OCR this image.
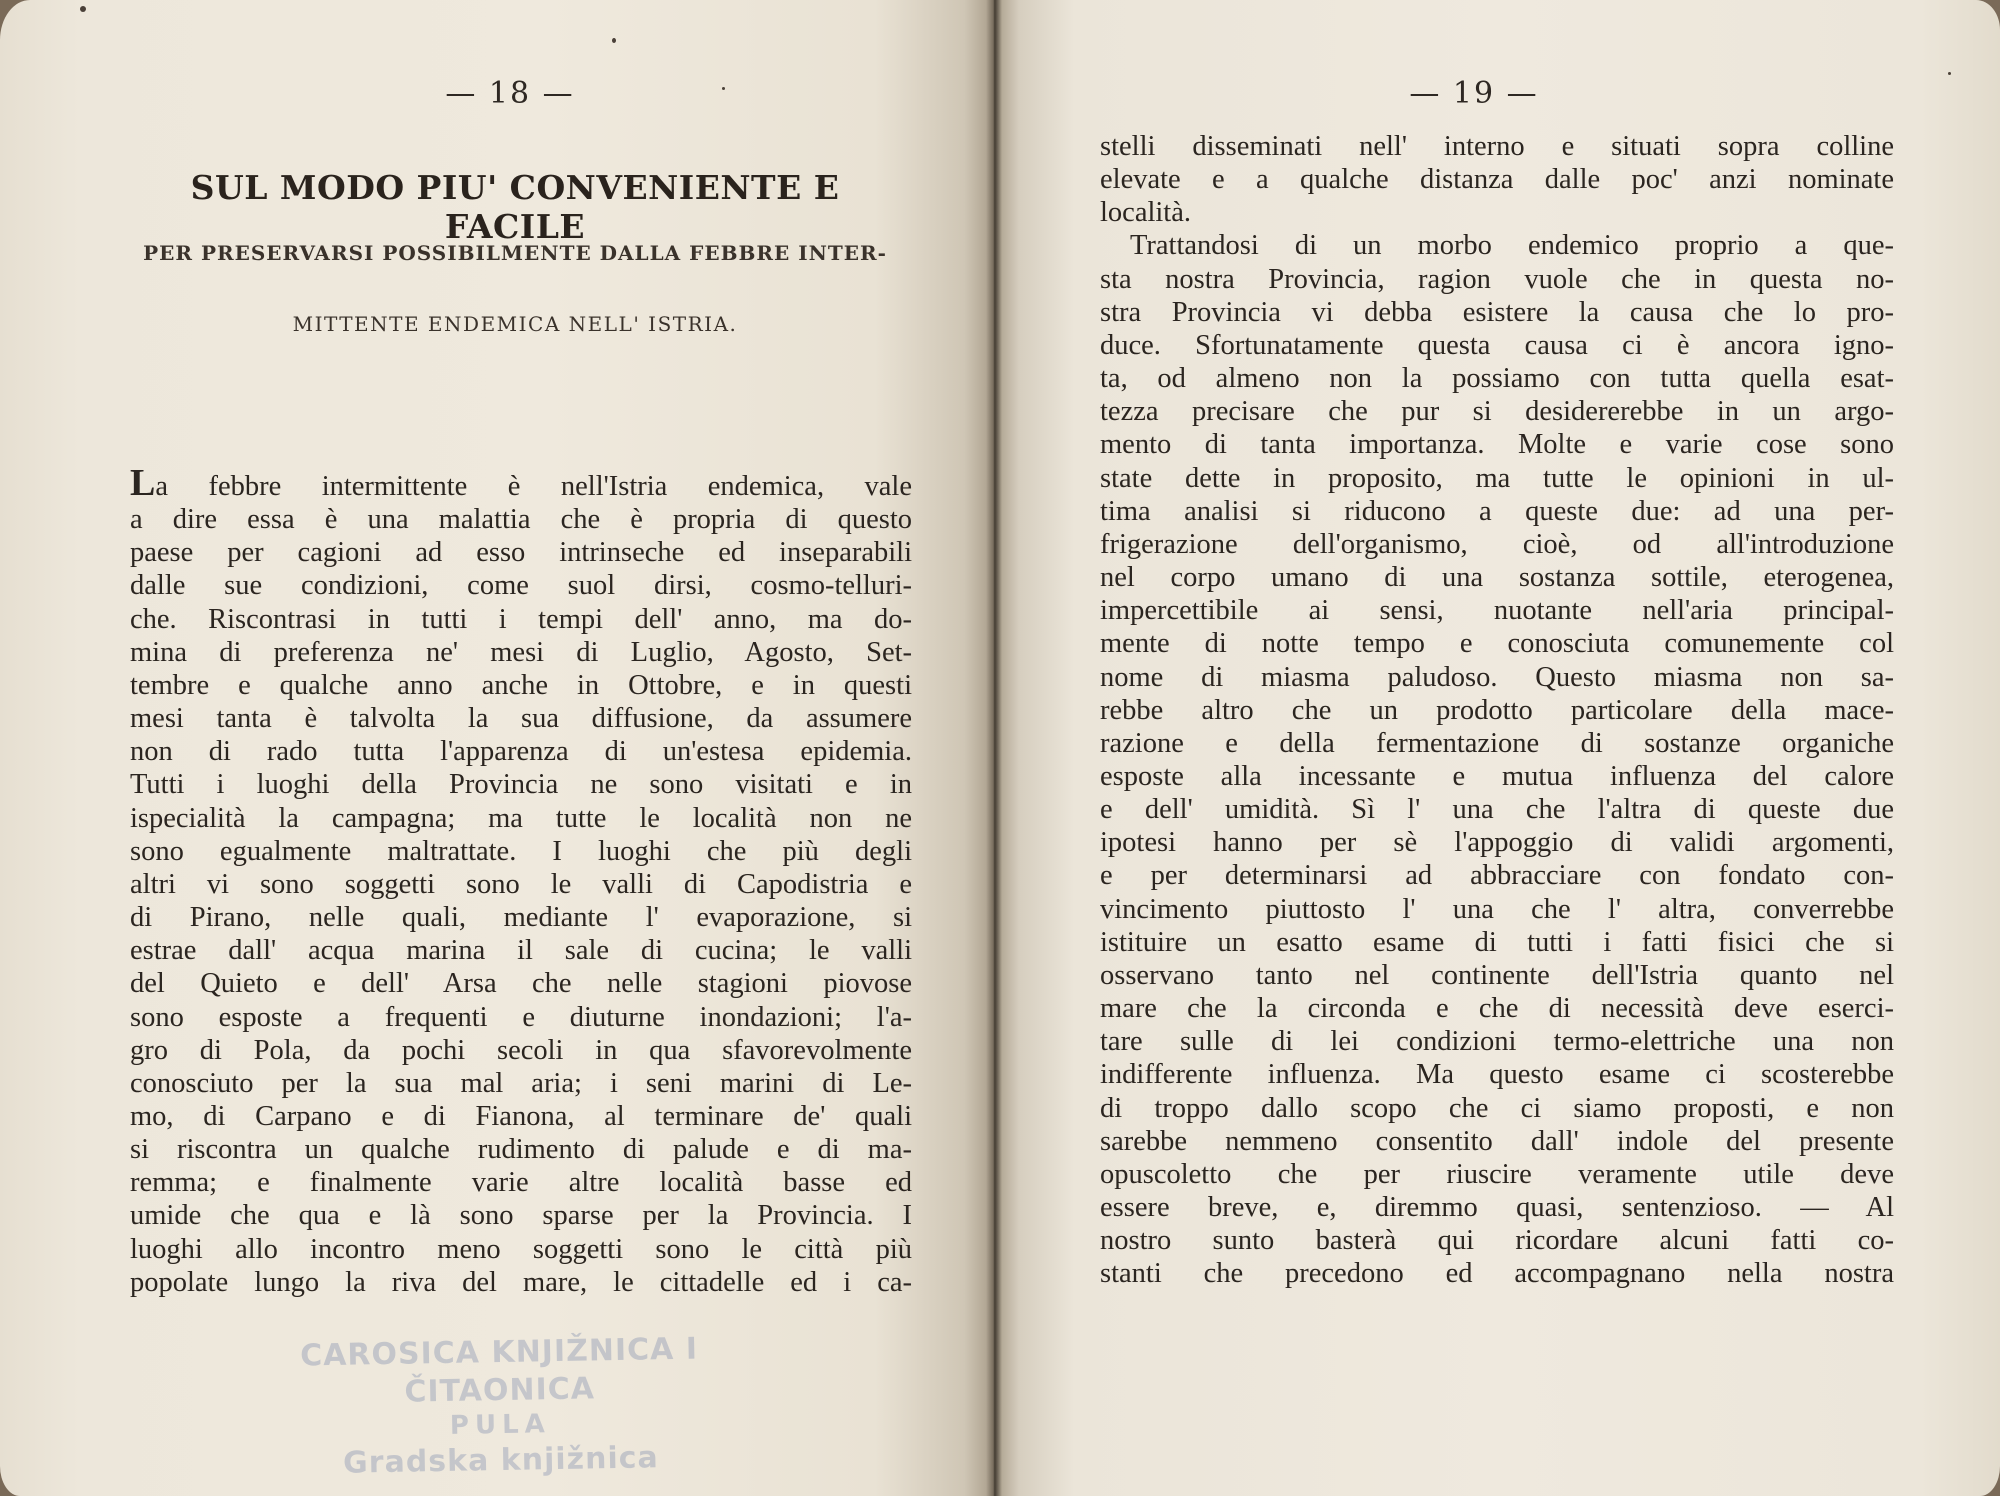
— 18 —
SUL MODO PIU' CONVENIENTE E FACILE
PER PRESERVARSI POSSIBILMENTE DALLA FEBBRE INTER-
MITTENTE ENDEMICA NELL' ISTRIA.
La febbre intermittente è nell'Istria endemica, vale
a dire essa è una malattia che è propria di questo
paese per cagioni ad esso intrinseche ed inseparabili
dalle sue condizioni, come suol dirsi, cosmo-telluri-
che. Riscontrasi in tutti i tempi dell' anno, ma do-
mina di preferenza ne' mesi di Luglio, Agosto, Set-
tembre e qualche anno anche in Ottobre, e in questi
mesi tanta è talvolta la sua diffusione, da assumere
non di rado tutta l'apparenza di un'estesa epidemia.
Tutti i luoghi della Provincia ne sono visitati e in
ispecialità la campagna; ma tutte le località non ne
sono egualmente maltrattate. I luoghi che più degli
altri vi sono soggetti sono le valli di Capodistria e
di Pirano, nelle quali, mediante l' evaporazione, si
estrae dall' acqua marina il sale di cucina; le valli
del Quieto e dell' Arsa che nelle stagioni piovose
sono esposte a frequenti e diuturne inondazioni; l'a-
gro di Pola, da pochi secoli in qua sfavorevolmente
conosciuto per la sua mal aria; i seni marini di Le-
mo, di Carpano e di Fianona, al terminare de' quali
si riscontra un qualche rudimento di palude e di ma-
remma; e finalmente varie altre località basse ed
umide che qua e là sono sparse per la Provincia. I
luoghi allo incontro meno soggetti sono le città più
popolate lungo la riva del mare, le cittadelle ed i ca-
CAROSICA KNJIŽNICA I ČITAONICA
PULA
Gradska knjižnica
— 19 —
stelli disseminati nell' interno e situati sopra colline
elevate e a qualche distanza dalle poc' anzi nominate
località.
Trattandosi di un morbo endemico proprio a que-
sta nostra Provincia, ragion vuole che in questa no-
stra Provincia vi debba esistere la causa che lo pro-
duce. Sfortunatamente questa causa ci è ancora igno-
ta, od almeno non la possiamo con tutta quella esat-
tezza precisare che pur si desidererebbe in un argo-
mento di tanta importanza. Molte e varie cose sono
state dette in proposito, ma tutte le opinioni in ul-
tima analisi si riducono a queste due: ad una per-
frigerazione dell'organismo, cioè, od all'introduzione
nel corpo umano di una sostanza sottile, eterogenea,
impercettibile ai sensi, nuotante nell'aria principal-
mente di notte tempo e conosciuta comunemente col
nome di miasma paludoso. Questo miasma non sa-
rebbe altro che un prodotto particolare della mace-
razione e della fermentazione di sostanze organiche
esposte alla incessante e mutua influenza del calore
e dell' umidità. Sì l' una che l'altra di queste due
ipotesi hanno per sè l'appoggio di validi argomenti,
e per determinarsi ad abbracciare con fondato con-
vincimento piuttosto l' una che l' altra, converrebbe
istituire un esatto esame di tutti i fatti fisici che si
osservano tanto nel continente dell'Istria quanto nel
mare che la circonda e che di necessità deve eserci-
tare sulle di lei condizioni termo-elettriche una non
indifferente influenza. Ma questo esame ci scosterebbe
di troppo dallo scopo che ci siamo proposti, e non
sarebbe nemmeno consentito dall' indole del presente
opuscoletto che per riuscire veramente utile deve
essere breve, e, diremmo quasi, sentenzioso. — Al
nostro sunto basterà qui ricordare alcuni fatti co-
stanti che precedono ed accompagnano nella nostra
